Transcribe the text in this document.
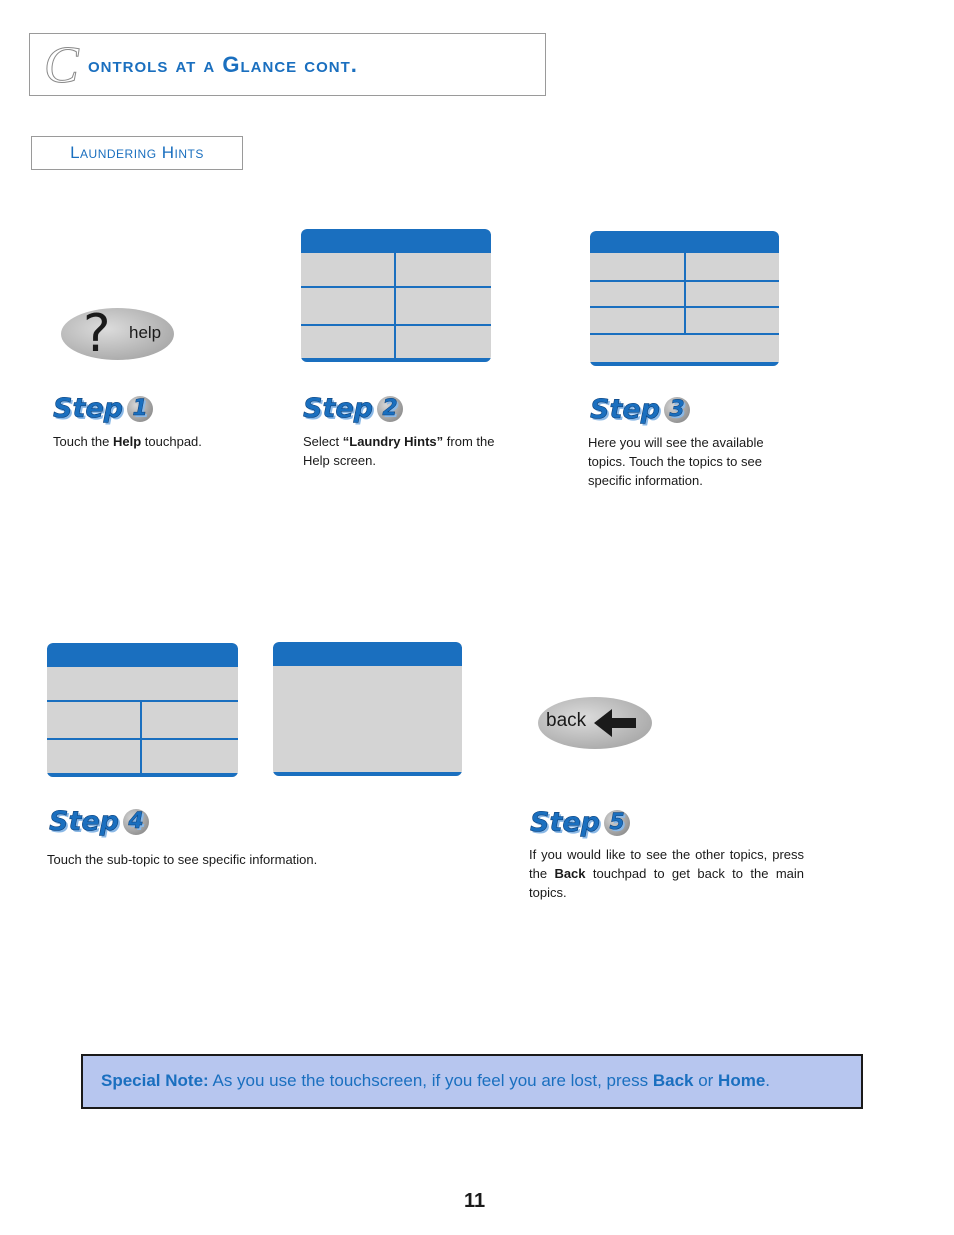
C ontrols at a Glance cont.
Laundering Hints
? help
Step 1	Step 2	Step 3
Touch the Help touchpad.	Select “Laundry Hints” from the Help screen.
Here you will see the available topics. Touch the topics to see specific information.
back
Step 4	Step 5
Touch the sub-topic to see specific information.	If you would like to see the other topics, press the Back touchpad to get back to the main topics.
Special Note: As you use the touchscreen, if you feel you are lost, press Back or Home.
11
